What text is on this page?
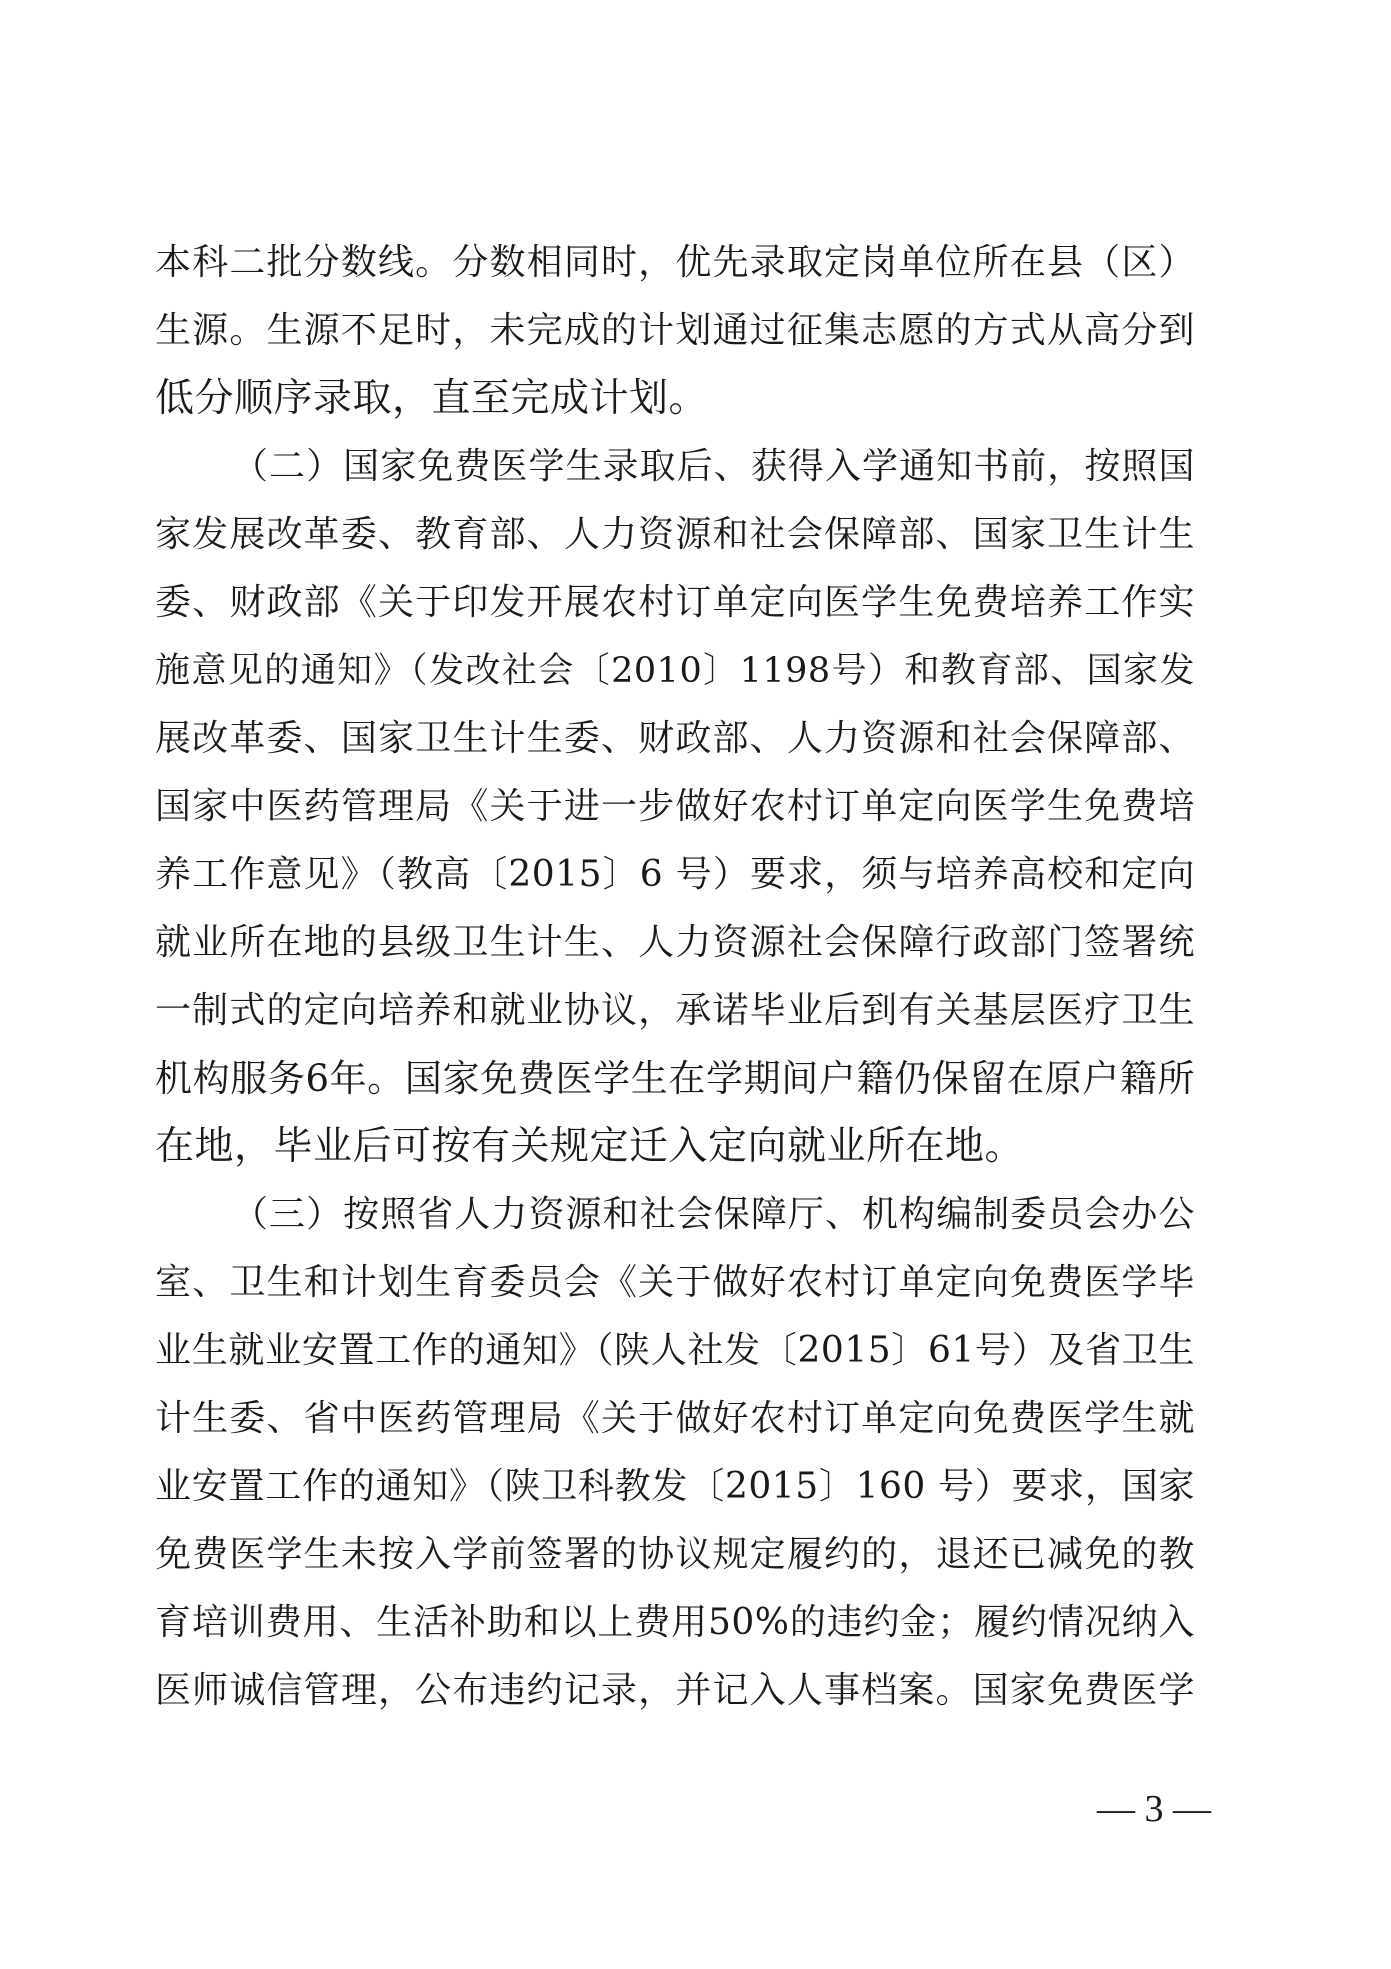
本科二批分数线。分数相同时，优先录取定岗单位所在县（区）
生源。生源不足时，未完成的计划通过征集志愿的方式从高分到
低分顺序录取，直至完成计划。
（二）国家免费医学生录取后、获得入学通知书前，按照国
家发展改革委、教育部、人力资源和社会保障部、国家卫生计生
委、财政部《关于印发开展农村订单定向医学生免费培养工作实
施意见的通知》（发改社会〔2010〕1198号）和教育部、国家发
展改革委、国家卫生计生委、财政部、人力资源和社会保障部、
国家中医药管理局《关于进一步做好农村订单定向医学生免费培
养工作意见》（教高〔2015〕6 号）要求，须与培养高校和定向
就业所在地的县级卫生计生、人力资源社会保障行政部门签署统
一制式的定向培养和就业协议，承诺毕业后到有关基层医疗卫生
机构服务6年。国家免费医学生在学期间户籍仍保留在原户籍所
在地，毕业后可按有关规定迁入定向就业所在地。
（三）按照省人力资源和社会保障厅、机构编制委员会办公
室、卫生和计划生育委员会《关于做好农村订单定向免费医学毕
业生就业安置工作的通知》（陕人社发〔2015〕61号）及省卫生
计生委、省中医药管理局《关于做好农村订单定向免费医学生就
业安置工作的通知》（陕卫科教发〔2015〕160 号）要求，国家
免费医学生未按入学前签署的协议规定履约的，退还已减免的教
育培训费用、生活补助和以上费用50%的违约金；履约情况纳入
医师诚信管理，公布违约记录，并记入人事档案。国家免费医学
— 3 —
